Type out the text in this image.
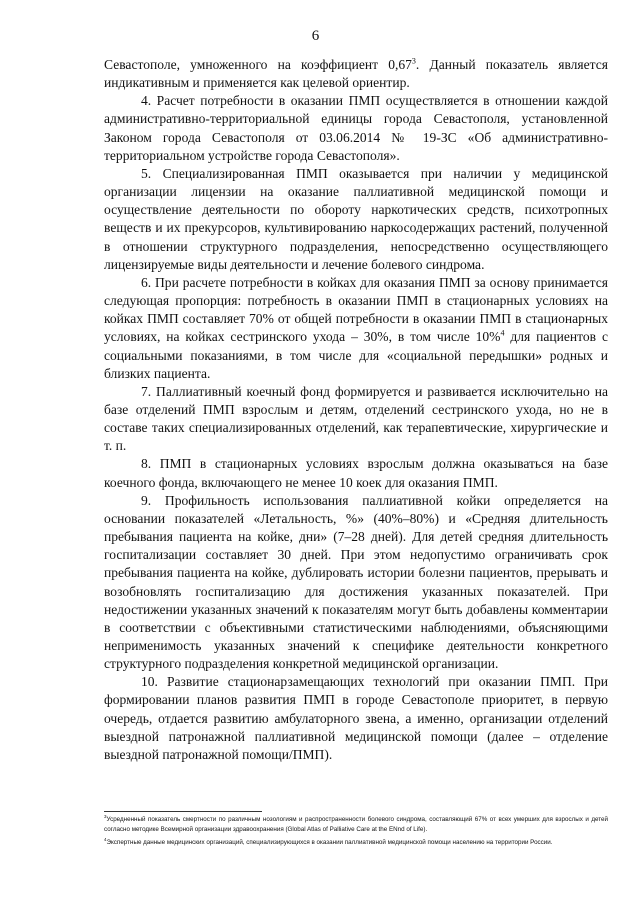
6

Севастополе, умноженного на коэффициент 0,67$^3$. Данный показатель является индикативным и применяется как целевой ориентир.

4. Расчет потребности в оказании ПМП осуществляется в отношении каждой административно-территориальной единицы города Севастополя, установленной Законом города Севастополя от 03.06.2014 № 19-ЗС «Об административно-территориальном устройстве города Севастополя».

5. Специализированная ПМП оказывается при наличии у медицинской организации лицензии на оказание паллиативной медицинской помощи и осуществление деятельности по обороту наркотических средств, психотропных веществ и их прекурсоров, культивированию наркосодержащих растений, полученной в отношении структурного подразделения, непосредственно осуществляющего лицензируемые виды деятельности и лечение болевого синдрома.

6. При расчете потребности в койках для оказания ПМП за основу принимается следующая пропорция: потребность в оказании ПМП в стационарных условиях на койках ПМП составляет 70% от общей потребности в оказании ПМП в стационарных условиях, на койках сестринского ухода – 30%, в том числе 10%$^4$ для пациентов с социальными показаниями, в том числе для «социальной передышки» родных и близких пациента.

7. Паллиативный коечный фонд формируется и развивается исключительно на базе отделений ПМП взрослым и детям, отделений сестринского ухода, но не в составе таких специализированных отделений, как терапевтические, хирургические и т. п.

8. ПМП в стационарных условиях взрослым должна оказываться на базе коечного фонда, включающего не менее 10 коек для оказания ПМП.

9. Профильность использования паллиативной койки определяется на основании показателей «Летальность, %» (40%–80%) и «Средняя длительность пребывания пациента на койке, дни» (7–28 дней). Для детей средняя длительность госпитализации составляет 30 дней. При этом недопустимо ограничивать срок пребывания пациента на койке, дублировать истории болезни пациентов, прерывать и возобновлять госпитализацию для достижения указанных показателей. При недостижении указанных значений к показателям могут быть добавлены комментарии в соответствии с объективными статистическими наблюдениями, объясняющими неприменимость указанных значений к специфике деятельности конкретного структурного подразделения конкретной медицинской организации.

10. Развитие стационарзамещающих технологий при оказании ПМП. При формировании планов развития ПМП в городе Севастополе приоритет, в первую очередь, отдается развитию амбулаторного звена, а именно, организации отделений выездной патронажной паллиативной медицинской помощи (далее – отделение выездной патронажной помощи/ПМП).

$^3$Усредненный показатель смертности по различным нозологиям и распространенности болевого синдрома, составляющий 67% от всех умерших для взрослых и детей согласно методике Всемирной организации здравоохранения (Global Atlas of Palliative Care at the ENnd of Life).

$^4$Экспертные данные медицинских организаций, специализирующихся в оказании паллиативной медицинской помощи населению на территории России.
